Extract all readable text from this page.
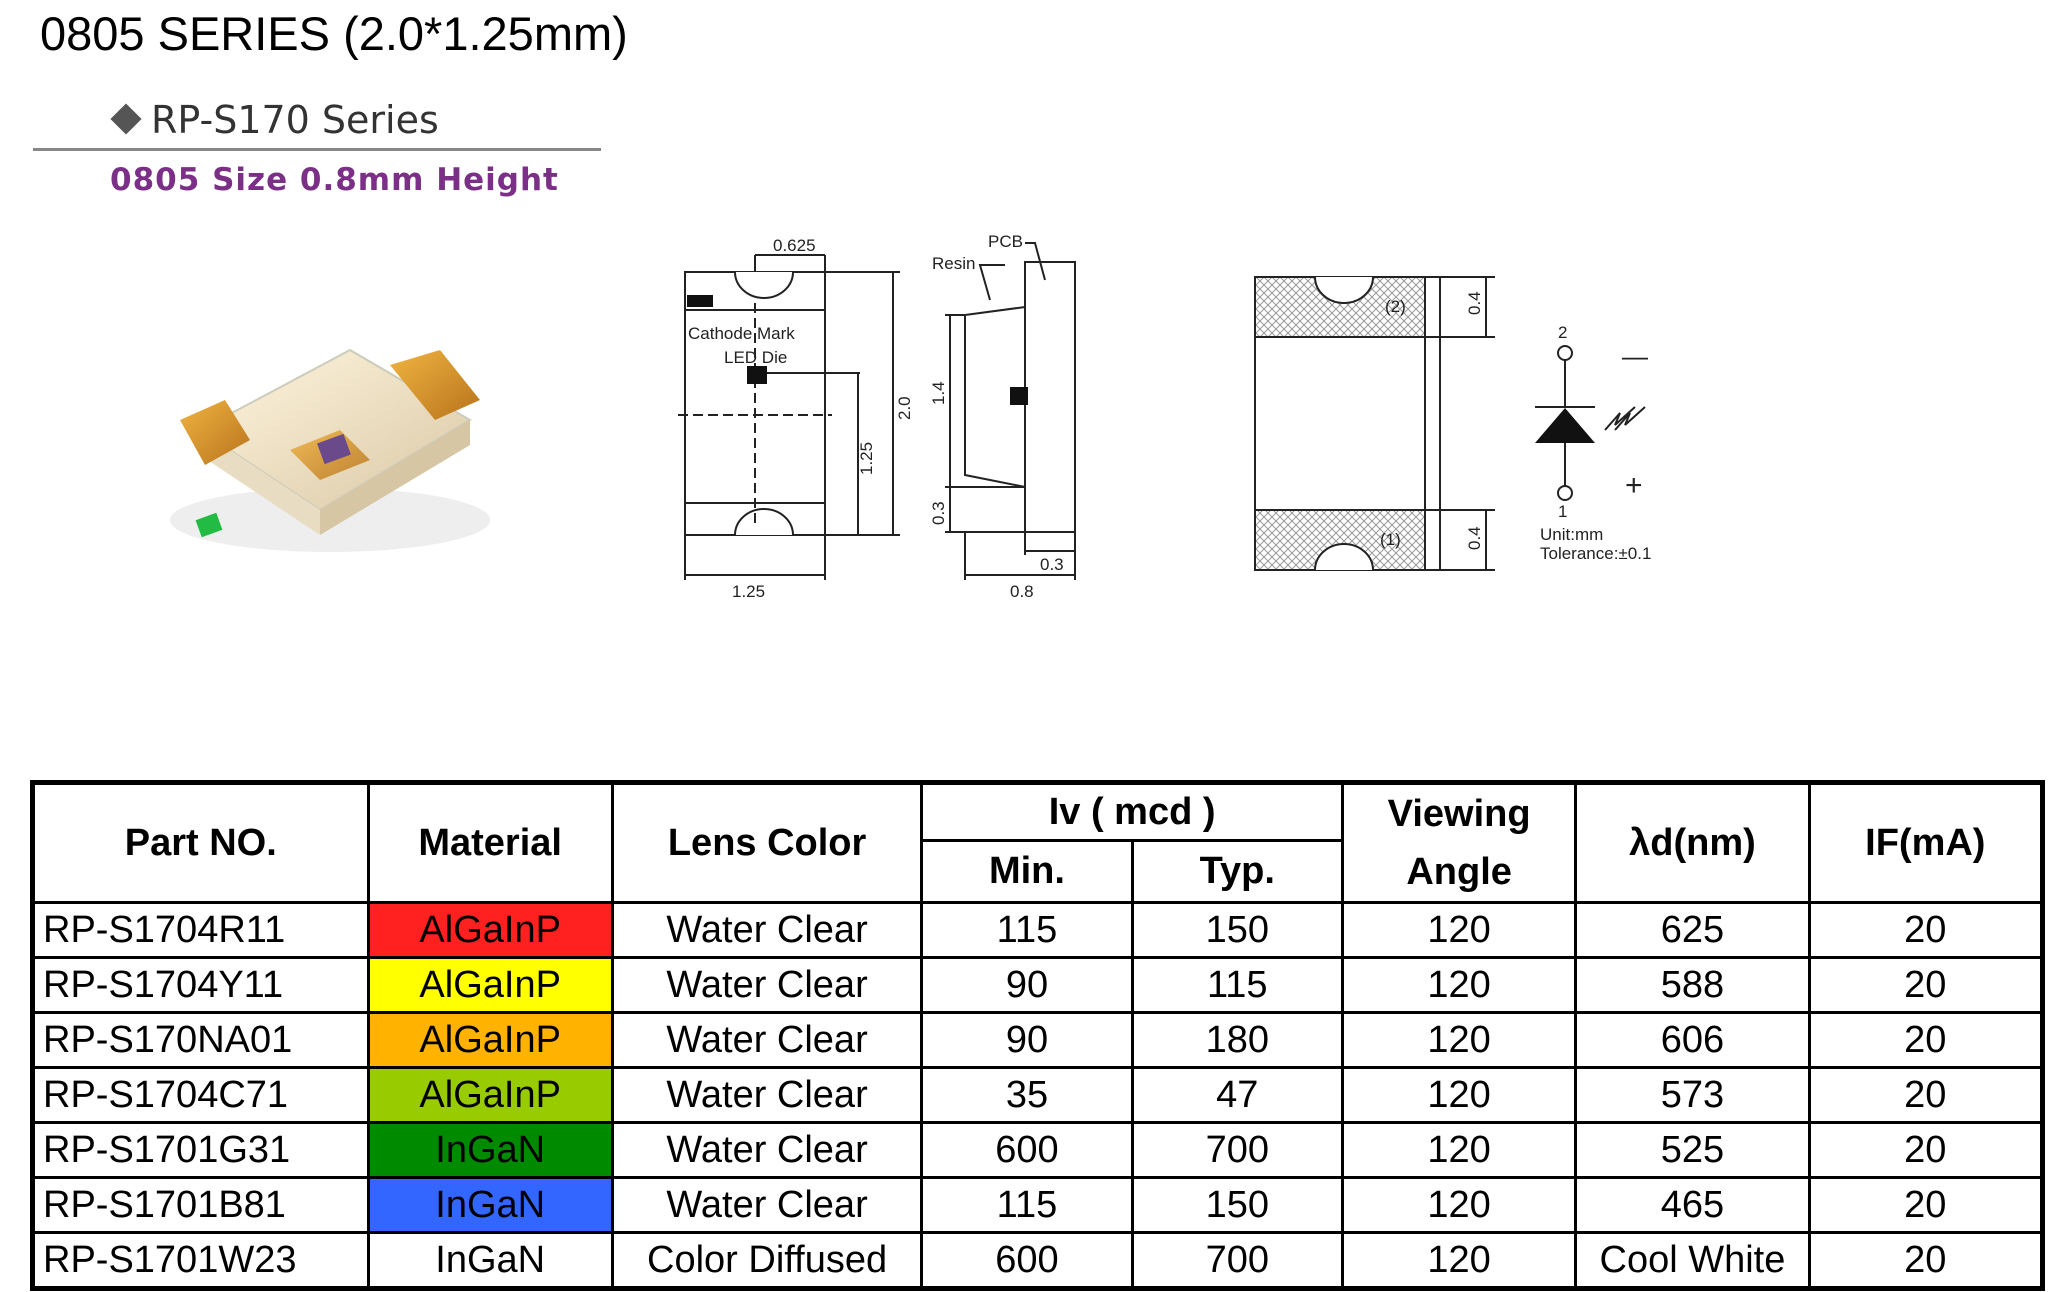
0805 SERIES (2.0*1.25mm)
RP-S170 Series
0805 Size 0.8mm Height
0.625
Cathode Mark
LED Die
1.25
2.0
1.25
PCB
Resin
1.4
0.3
0.3
0.8
(2)
(1)
0.4
0.4
2
1
—
+
Unit:mm
Tolerance:±0.1
Part NO.	Material	Lens Color	Iv ( mcd )		Viewing Angle	λd(nm)	IF(mA)
			Min.	Typ.			
RP-S1704R11	AlGaInP	Water Clear	115	150	120	625	20
RP-S1704Y11	AlGaInP	Water Clear	90	115	120	588	20
RP-S170NA01	AlGaInP	Water Clear	90	180	120	606	20
RP-S1704C71	AlGaInP	Water Clear	35	47	120	573	20
RP-S1701G31	InGaN	Water Clear	600	700	120	525	20
RP-S1701B81	InGaN	Water Clear	115	150	120	465	20
RP-S1701W23	InGaN	Color Diffused	600	700	120	Cool White	20
